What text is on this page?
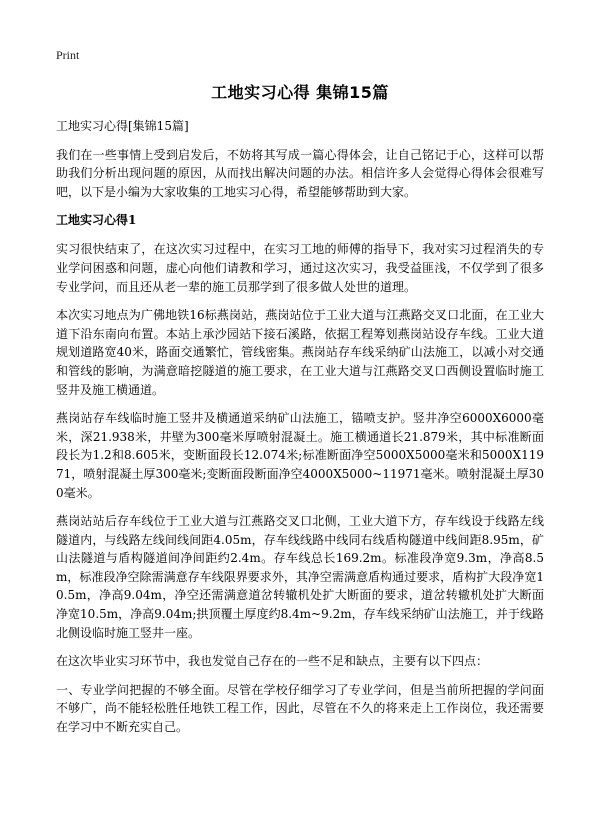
Print
工地实习心得 集锦15篇

工地实习心得[集锦15篇]

我们在一些事情上受到启发后，不妨将其写成一篇心得体会，让自己铭记于心，这样可以帮助我们分析出现问题的原因，从而找出解决问题的办法。相信许多人会觉得心得体会很难写吧，以下是小编为大家收集的工地实习心得，希望能够帮助到大家。

工地实习心得1

实习很快结束了，在这次实习过程中，在实习工地的师傅的指导下，我对实习过程消失的专业学问困惑和问题，虚心向他们请教和学习，通过这次实习，我受益匪浅，不仅学到了很多专业学问，而且还从老一辈的施工员那学到了很多做人处世的道理。

本次实习地点为广佛地铁16标燕岗站，燕岗站位于工业大道与江燕路交叉口北面，在工业大道下沿东南向布置。本站上承沙园站下接石溪路，依据工程筹划燕岗站设存车线。工业大道规划道路宽40米，路面交通繁忙，管线密集。燕岗站存车线采纳矿山法施工，以减小对交通和管线的影响，为满意暗挖隧道的施工要求，在工业大道与江燕路交叉口西侧设置临时施工竖井及施工横通道。

燕岗站存车线临时施工竖井及横通道采纳矿山法施工，锚喷支护。竖井净空6000X6000毫米，深21.938米，井壁为300毫米厚喷射混凝土。施工横通道长21.879米，其中标准断面段长为1.2和8.605米，变断面段长12.074米;标准断面净空5000X5000毫米和5000X11971，喷射混凝土厚300毫米;变断面段断面净空4000X5000~11971毫米。喷射混凝土厚300毫米。

燕岗站站后存车线位于工业大道与江燕路交叉口北侧，工业大道下方，存车线设于线路左线隧道内，与线路左线间线间距4.05m，存车线线路中线同右线盾构隧道中线间距8.95m，矿山法隧道与盾构隧道间净间距约2.4m。存车线总长169.2m。标准段净宽9.3m，净高8.5m，标准段净空除需满意存车线限界要求外，其净空需满意盾构通过要求，盾构扩大段净宽10.5m，净高9.04m，净空还需满意道岔转辙机处扩大断面的要求，道岔转辙机处扩大断面净宽10.5m，净高9.04m;拱顶覆土厚度约8.4m~9.2m，存车线采纳矿山法施工，并于线路北侧设临时施工竖井一座。

在这次毕业实习环节中，我也发觉自己存在的一些不足和缺点，主要有以下四点：

一、专业学问把握的不够全面。尽管在学校仔细学习了专业学问，但是当前所把握的学问面不够广，尚不能轻松胜任地铁工程工作，因此，尽管在不久的将来走上工作岗位，我还需要在学习中不断充实自己。
